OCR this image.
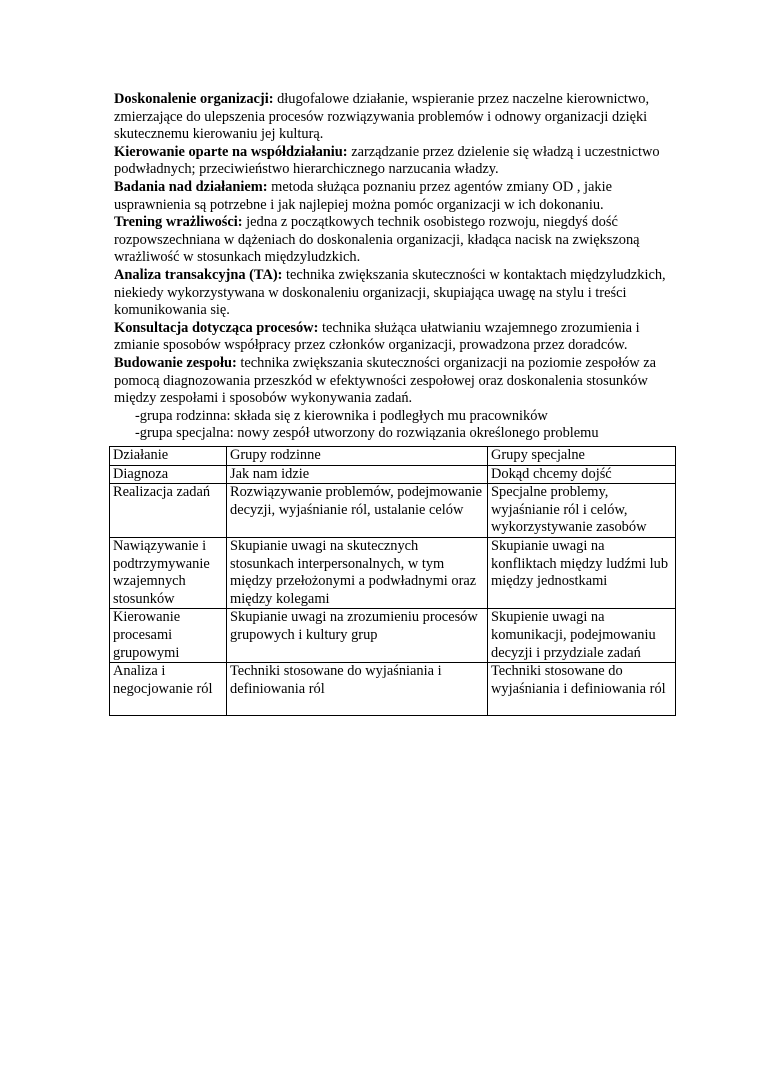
Doskonalenie organizacji: długofalowe działanie, wspieranie przez naczelne kierownictwo, zmierzające do ulepszenia procesów rozwiązywania problemów i odnowy organizacji dzięki skutecznemu kierowaniu jej kulturą.

Kierowanie oparte na współdziałaniu: zarządzanie przez dzielenie się władzą i uczestnictwo podwładnych; przeciwieństwo hierarchicznego narzucania władzy.

Badania nad działaniem: metoda służąca poznaniu przez agentów zmiany OD , jakie usprawnienia są potrzebne i jak najlepiej można pomóc organizacji w ich dokonaniu.

Trening wrażliwości: jedna z początkowych technik osobistego rozwoju, niegdyś dość rozpowszechniana w dążeniach do doskonalenia organizacji, kładąca nacisk na zwiększoną wrażliwość w stosunkach międzyludzkich.

Analiza transakcyjna (TA): technika zwiększania skuteczności w kontaktach międzyludzkich, niekiedy wykorzystywana w doskonaleniu organizacji, skupiająca uwagę na stylu i treści komunikowania się.

Konsultacja dotycząca procesów: technika służąca ułatwianiu wzajemnego zrozumienia i zmianie sposobów współpracy przez członków organizacji, prowadzona przez doradców.

Budowanie zespołu: technika zwiększania skuteczności organizacji na poziomie zespołów za pomocą diagnozowania przeszkód w efektywności zespołowej oraz doskonalenia stosunków między zespołami i sposobów wykonywania zadań.

-grupa rodzinna: składa się z kierownika i podległych mu pracowników

-grupa specjalna: nowy zespół utworzony do rozwiązania określonego problemu

Działanie	Grupy rodzinne	Grupy specjalne
Diagnoza	Jak nam idzie	Dokąd chcemy dojść
Realizacja zadań	Rozwiązywanie problemów, podejmowanie decyzji, wyjaśnianie ról, ustalanie celów	Specjalne problemy, wyjaśnianie ról i celów, wykorzystywanie zasobów
Nawiązywanie i podtrzymywanie wzajemnych stosunków	Skupianie uwagi na skutecznych stosunkach interpersonalnych, w tym między przełożonymi a podwładnymi oraz między kolegami	Skupianie uwagi na konfliktach między ludźmi lub między jednostkami
Kierowanie procesami grupowymi	Skupianie uwagi na zrozumieniu procesów grupowych i kultury grup	Skupienie uwagi na komunikacji, podejmowaniu decyzji i przydziale zadań
Analiza i negocjowanie ról	Techniki stosowane do wyjaśniania i definiowania ról	Techniki stosowane do wyjaśniania i definiowania ról
